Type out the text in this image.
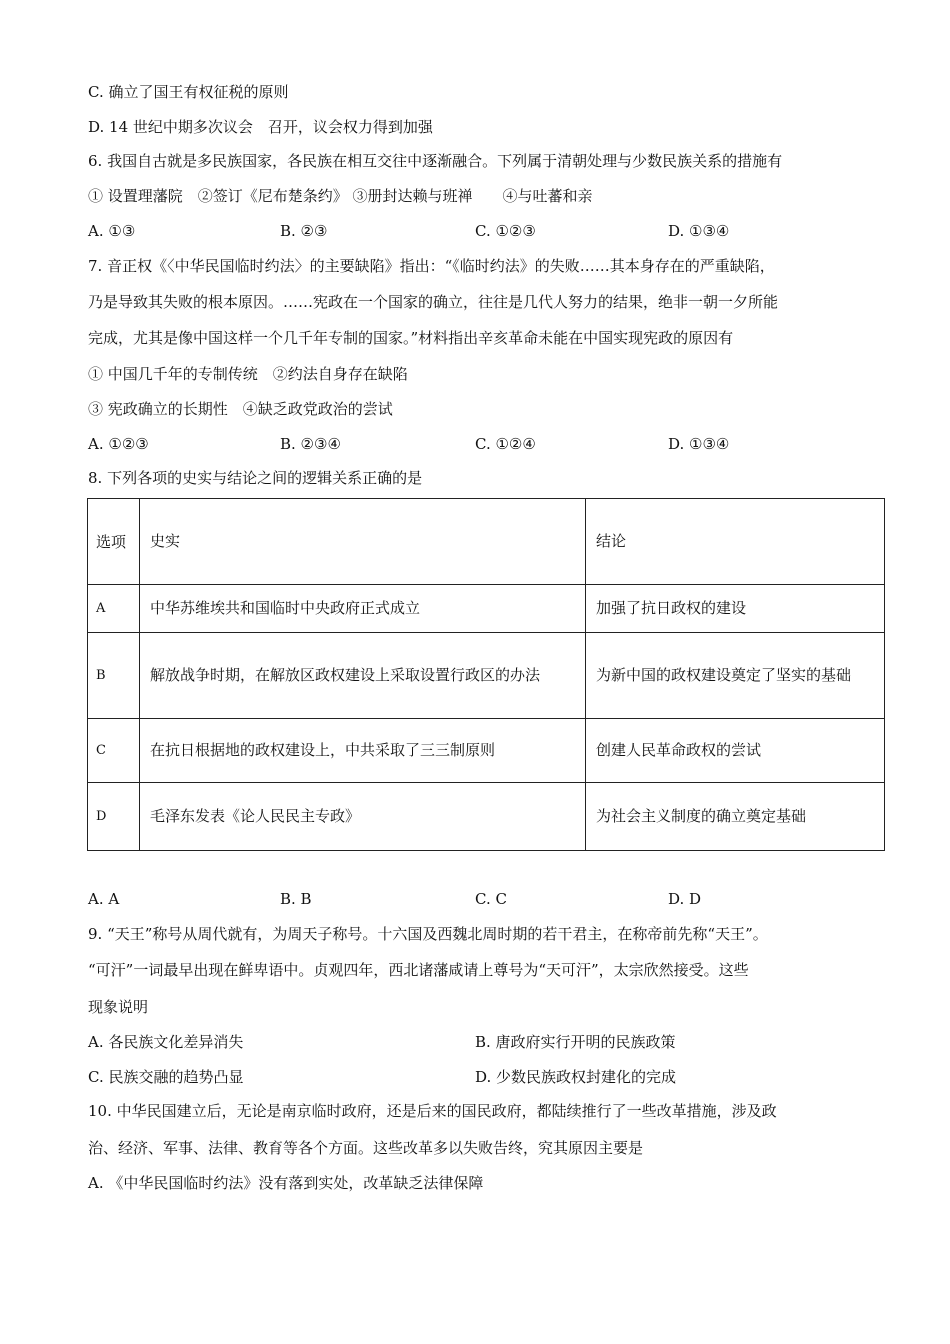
C. 确立了国王有权征税的原则
D. 14 世纪中期多次议会　召开，议会权力得到加强
6. 我国自古就是多民族国家，各民族在相互交往中逐渐融合。下列属于清朝处理与少数民族关系的措施有
① 设置理藩院　②签订《尼布楚条约》 ③册封达赖与班禅　　④与吐蕃和亲
A. ①③	B. ②③	C. ①②③	D. ①③④
7. 音正权《〈中华民国临时约法〉的主要缺陷》指出：“《临时约法》的失败……其本身存在的严重缺陷，
乃是导致其失败的根本原因。……宪政在一个国家的确立，往往是几代人努力的结果，绝非一朝一夕所能
完成，尤其是像中国这样一个几千年专制的国家。”材料指出辛亥革命未能在中国实现宪政的原因有
① 中国几千年的专制传统　②约法自身存在缺陷
③ 宪政确立的长期性　④缺乏政党政治的尝试
A. ①②③	B. ②③④	C. ①②④	D. ①③④
8. 下列各项的史实与结论之间的逻辑关系正确的是
选项	史实	结论
A	中华苏维埃共和国临时中央政府正式成立	加强了抗日政权的建设
B	解放战争时期，在解放区政权建设上采取设置行政区的办法	为新中国的政权建设奠定了坚实的基础
C	在抗日根据地的政权建设上，中共采取了三三制原则	创建人民革命政权的尝试
D	毛泽东发表《论人民民主专政》	为社会主义制度的确立奠定基础
A. A	B. B	C. C	D. D
9. “天王”称号从周代就有，为周天子称号。十六国及西魏北周时期的若干君主，在称帝前先称“天王”。
“可汗”一词最早出现在鲜卑语中。贞观四年，西北诸藩咸请上尊号为“天可汗”，太宗欣然接受。这些
现象说明
A. 各民族文化差异消失	B. 唐政府实行开明的民族政策
C. 民族交融的趋势凸显	D. 少数民族政权封建化的完成
10. 中华民国建立后，无论是南京临时政府，还是后来的国民政府，都陆续推行了一些改革措施，涉及政
治、经济、军事、法律、教育等各个方面。这些改革多以失败告终，究其原因主要是
A. 《中华民国临时约法》没有落到实处，改革缺乏法律保障
